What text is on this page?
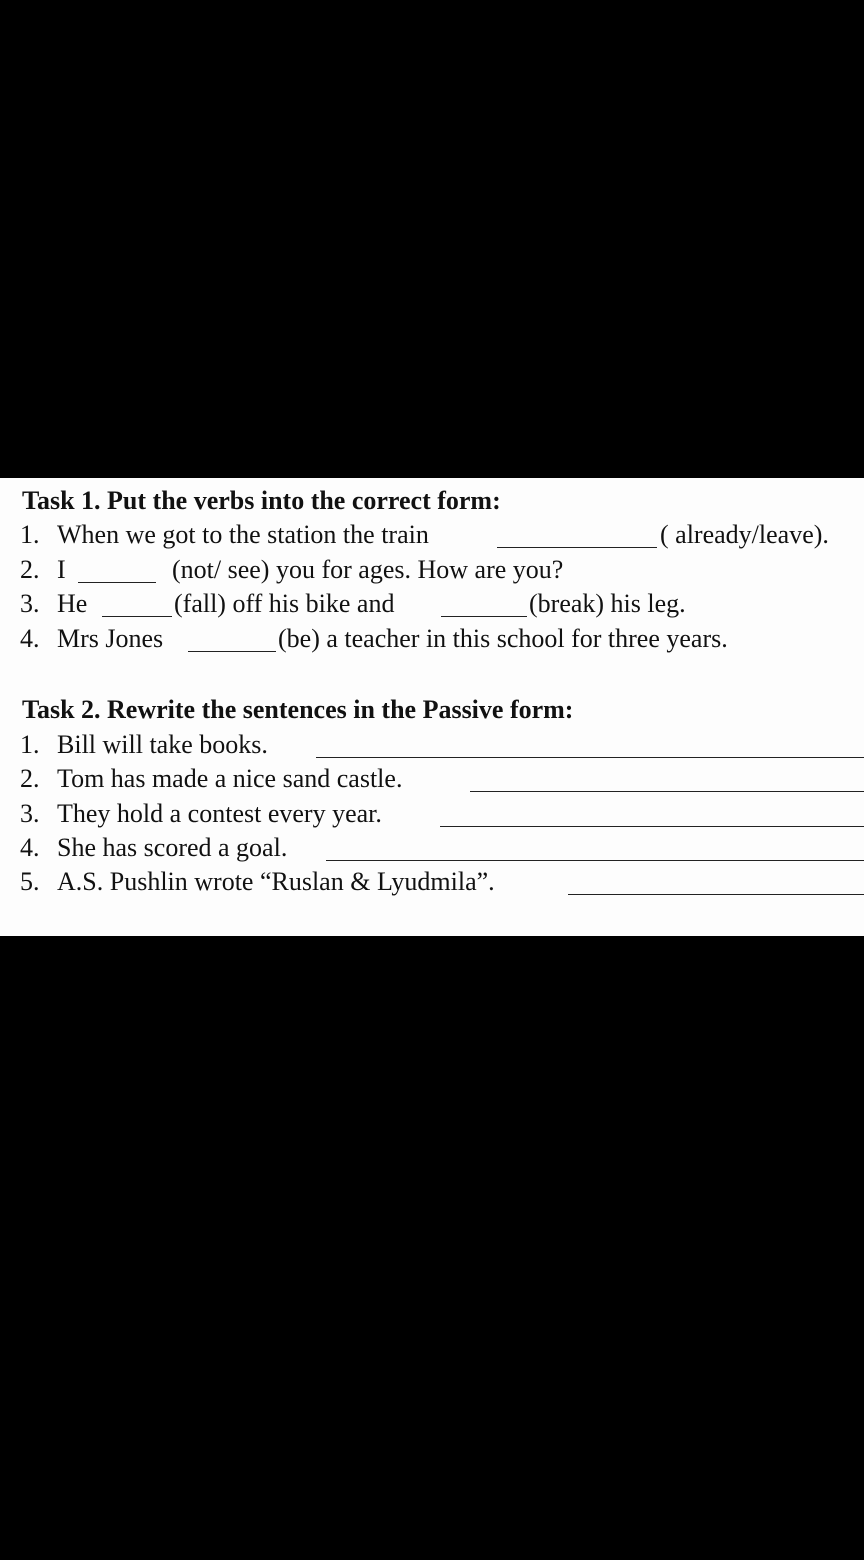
Task 1. Put the verbs into the correct form:
1. When we got to the station the train	( already/leave).
2. I	(not/ see) you for ages. How are you?
3. He	(fall) off his bike and	(break) his leg.
4. Mrs Jones	(be) a teacher in this school for three years.
Task 2. Rewrite the sentences in the Passive form:
1. Bill will take books.
2. Tom has made a nice sand castle.
3. They hold a contest every year.
4. She has scored a goal.
5. A.S. Pushlin wrote “Ruslan & Lyudmila”.
